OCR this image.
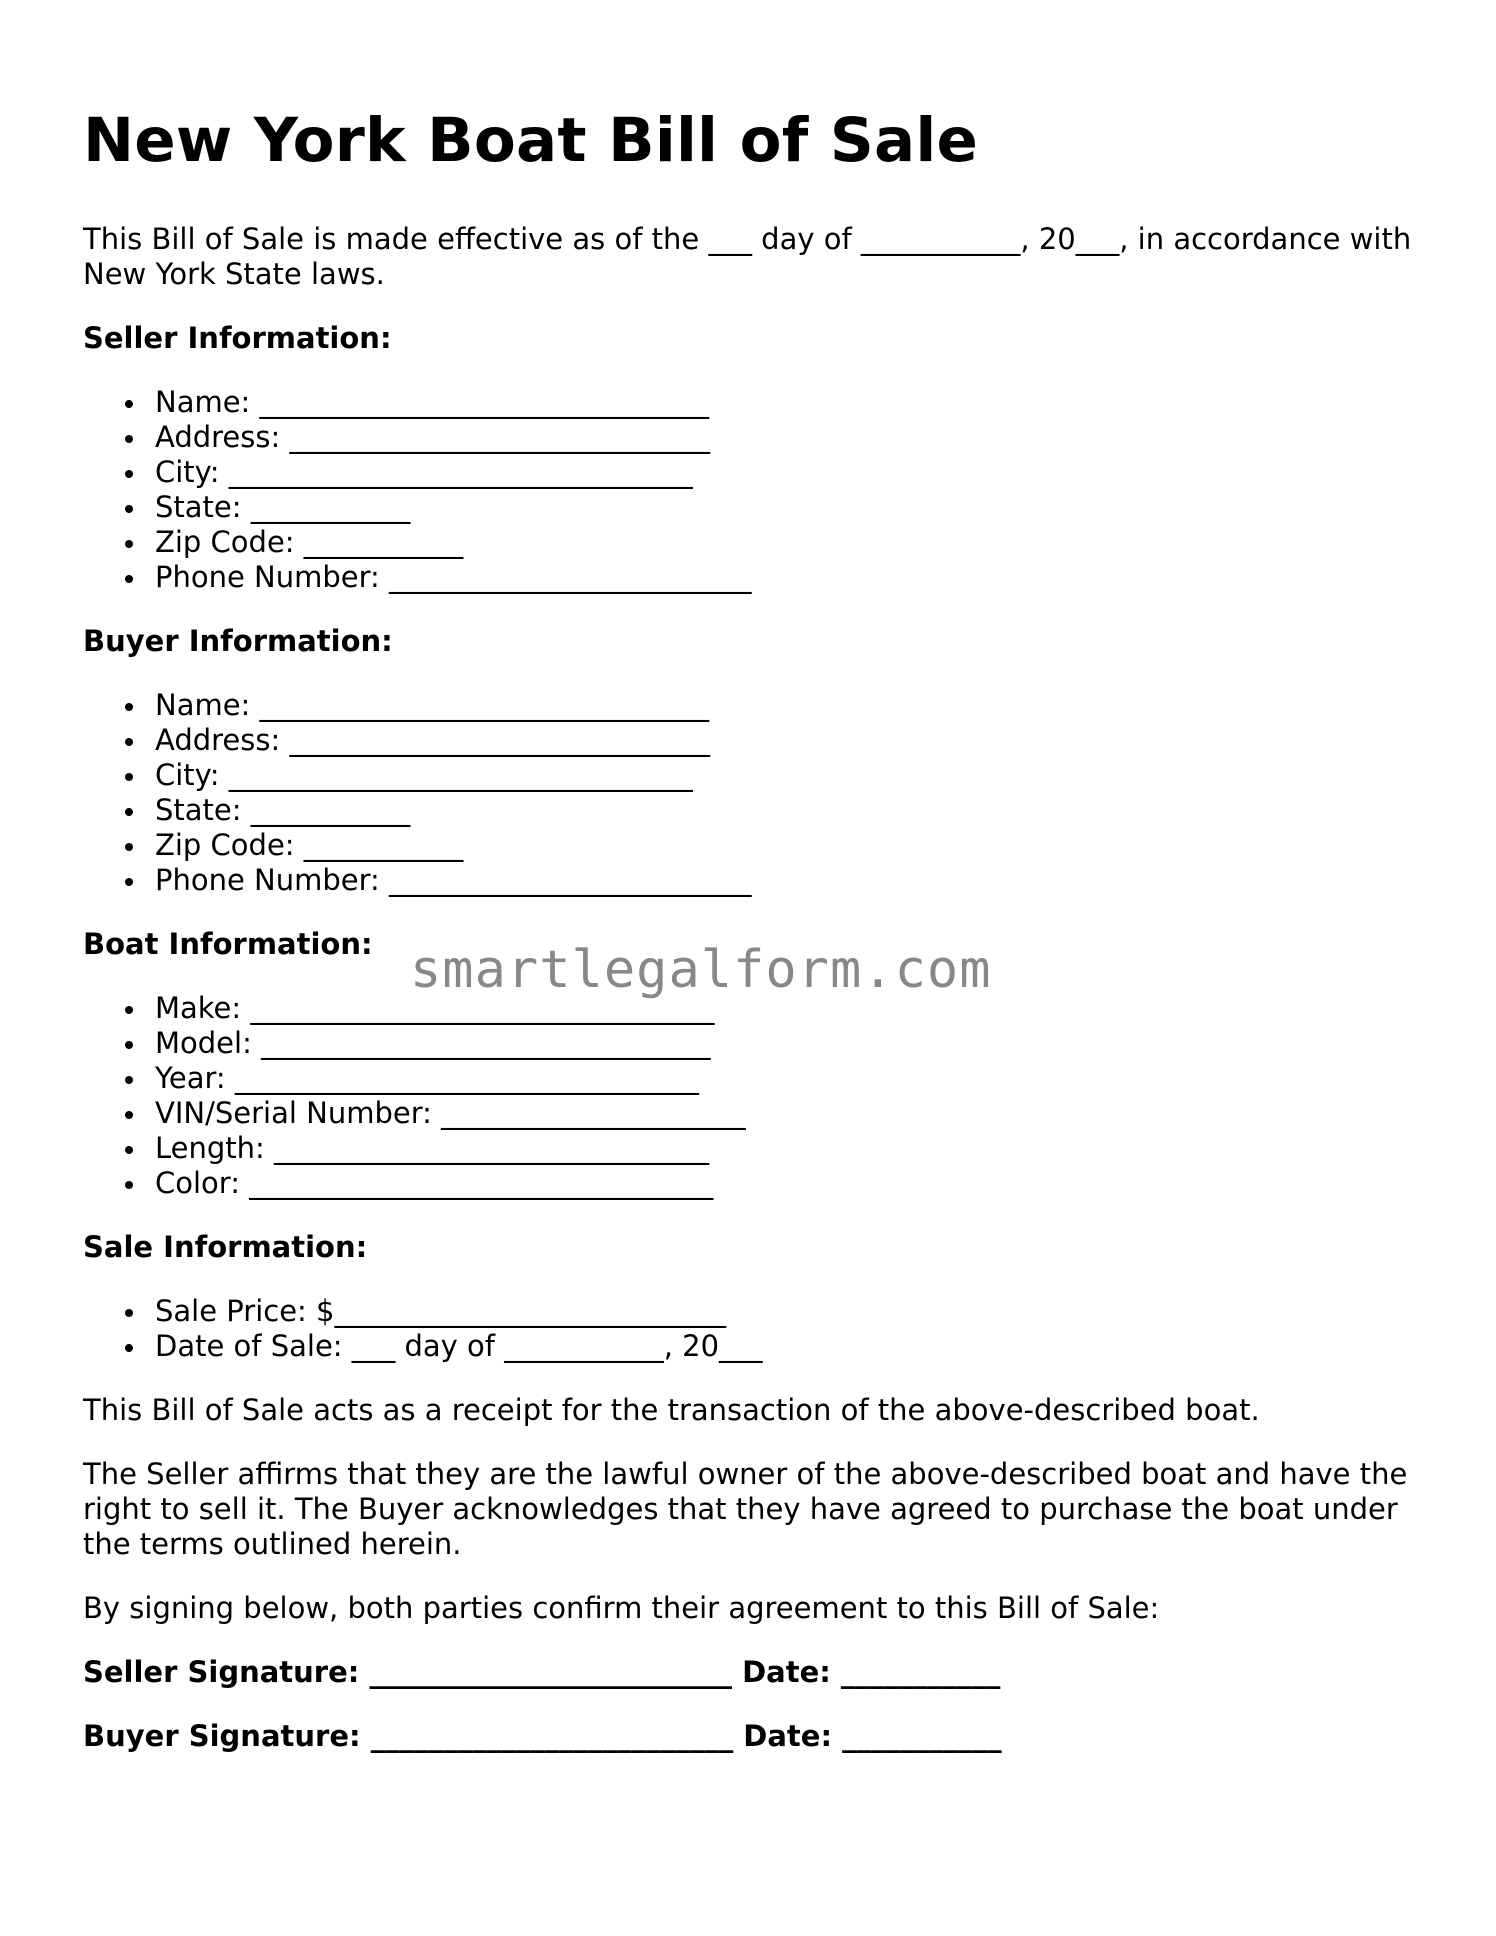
New York Boat Bill of Sale

This Bill of Sale is made effective as of the ___ day of ___________, 20___, in accordance with New York State laws.

Seller Information:
Name: _______________________________
Address: _____________________________
City: ________________________________
State: ___________
Zip Code: ___________
Phone Number: _________________________
Buyer Information:
Name: _______________________________
Address: _____________________________
City: ________________________________
State: ___________
Zip Code: ___________
Phone Number: _________________________
Boat Information:
Make: ________________________________
Model: _______________________________
Year: ________________________________
VIN/Serial Number: _____________________
Length: ______________________________
Color: ________________________________
Sale Information:
Sale Price: $___________________________
Date of Sale: ___ day of ___________, 20___

This Bill of Sale acts as a receipt for the transaction of the above-described boat.

The Seller affirms that they are the lawful owner of the above-described boat and have the right to sell it. The Buyer acknowledges that they have agreed to purchase the boat under the terms outlined herein.

By signing below, both parties confirm their agreement to this Bill of Sale:

Seller Signature: _________________________ Date: ___________
Buyer Signature: _________________________ Date: ___________
smartlegalform.com
